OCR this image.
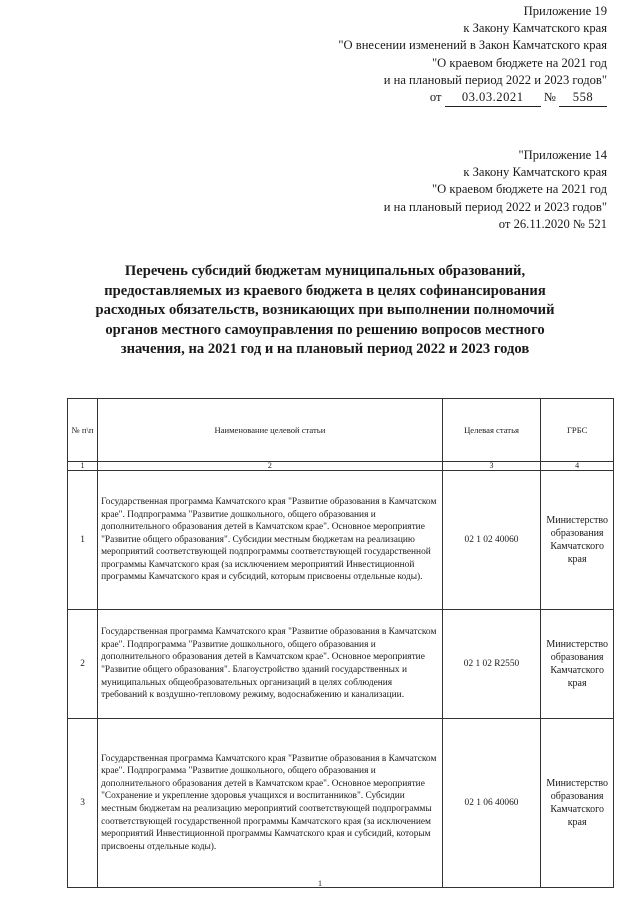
Приложение 19
к Закону Камчатского края
"О внесении изменений в Закон Камчатского края
"О краевом бюджете на 2021 год
и на плановый период 2022 и 2023 годов"
от 03.03.2021 № 558
"Приложение 14
к Закону Камчатского края
"О краевом бюджете на 2021 год
и на плановый период 2022 и 2023 годов"
от 26.11.2020 № 521
Перечень субсидий бюджетам муниципальных образований,
предоставляемых из краевого бюджета в целях софинансирования
расходных обязательств, возникающих при выполнении полномочий
органов местного самоуправления по решению вопросов местного
значения, на 2021 год и на плановый период 2022 и 2023 годов
№ п\п	Наименование целевой статьи	Целевая статья	ГРБС
1	2	3	4
1	Государственная программа Камчатского края "Развитие образования в Камчатском крае". Подпрограмма "Развитие дошкольного, общего образования и дополнительного образования детей в Камчатском крае". Основное мероприятие "Развитие общего образования". Субсидии местным бюджетам на реализацию мероприятий соответствующей подпрограммы соответствующей государственной программы Камчатского края (за исключением мероприятий Инвестиционной программы Камчатского края и субсидий, которым присвоены отдельные коды).	02 1 02 40060	Министерство образования Камчатского края
2	Государственная программа Камчатского края "Развитие образования в Камчатском крае". Подпрограмма "Развитие дошкольного, общего образования и дополнительного образования детей в Камчатском крае". Основное мероприятие "Развитие общего образования". Благоустройство зданий государственных и муниципальных общеобразовательных организаций в целях соблюдения требований к воздушно-тепловому режиму, водоснабжению и канализации.	02 1 02 R2550	Министерство образования Камчатского края
3	Государственная программа Камчатского края "Развитие образования в Камчатском крае". Подпрограмма "Развитие дошкольного, общего образования и дополнительного образования детей в Камчатском крае". Основное мероприятие "Сохранение и укрепление здоровья учащихся и воспитанников". Субсидии местным бюджетам на реализацию мероприятий соответствующей подпрограммы соответствующей государственной программы Камчатского края (за исключением мероприятий Инвестиционной программы Камчатского края и субсидий, которым присвоены отдельные коды).	02 1 06 40060	Министерство образования Камчатского края
1
